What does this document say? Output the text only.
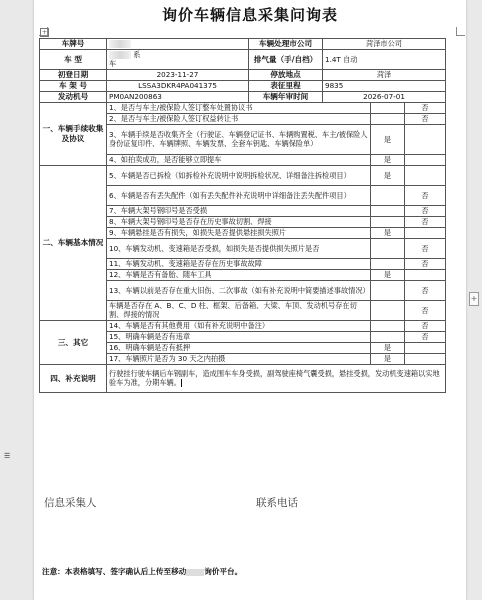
询价车辆信息采集问询表
+
车牌号		车辆处理市公司	菏泽市公司		
车 型	系
车	排气量（手/自档）	1.4T 自动		
初登日期	2023-11-27	停放地点	菏泽		
车 架 号	LSSA3DKR4PA041375	表征里程	9835		
发动机号	PM0AN200863	车辆年审时间	2026-07-01		
一、车辆手续收集及协议	1、是否与车主/被保险人签订整车处置协议书				否
	2、是否与车主/被保险人签订权益转让书				否
	3、车辆手续是否收集齐全（行驶证、车辆登记证书、车辆购置税、车主/被保险人身份证复印件、车辆牌照、车辆发票、全套车钥匙、车辆保险单）			是	
	4、如拍卖成功，是否能够立即提车			是	
二、车辆基本情况	5、车辆是否已拆检（如拆检补充说明中说明拆检状况、详细备注拆检项目）			是	
	6、车辆是否有丢失配件（如有丢失配件补充说明中详细备注丢失配件项目）				否
	7、车辆大架号钢印号是否受损				否
	8、车辆大架号钢印号是否存在历史事故切割、焊接				否
	9、车辆悬挂是否有损失，如损失是否提供悬挂损失照片			是	
	10、车辆发动机、变速箱是否受损，如损失是否提供损失照片是否				否
	11、车辆发动机、变速箱是否存在历史事故故障				否
	12、车辆是否有备胎、随车工具			是	
	13、车辆以前是否存在重大旧伤、二次事故（如有补充说明中简要描述事故情况）				否
	车辆是否存在 A、B、C、D 柱、框架、后备箱、大梁、车顶、发动机号存在切割、焊接的情况				否
三、其它	14、车辆是否有其他费用（如有补充说明中备注）				否
	15、明确车辆是否有违章				否
	16、明确车辆是否有抵押			是	
	17、车辆照片是否为 30 天之内拍摄			是	
四、补充说明	行驶挂行驶车辆后车钢副车，造成围车车身受损，副驾驶座椅气囊受损，悬挂受损，发动机变速箱以实地验车为准，分期车辆。				
信息采集人	联系电话
注意：本表格填写、签字确认后上传至移动 询价平台。
+
☰
